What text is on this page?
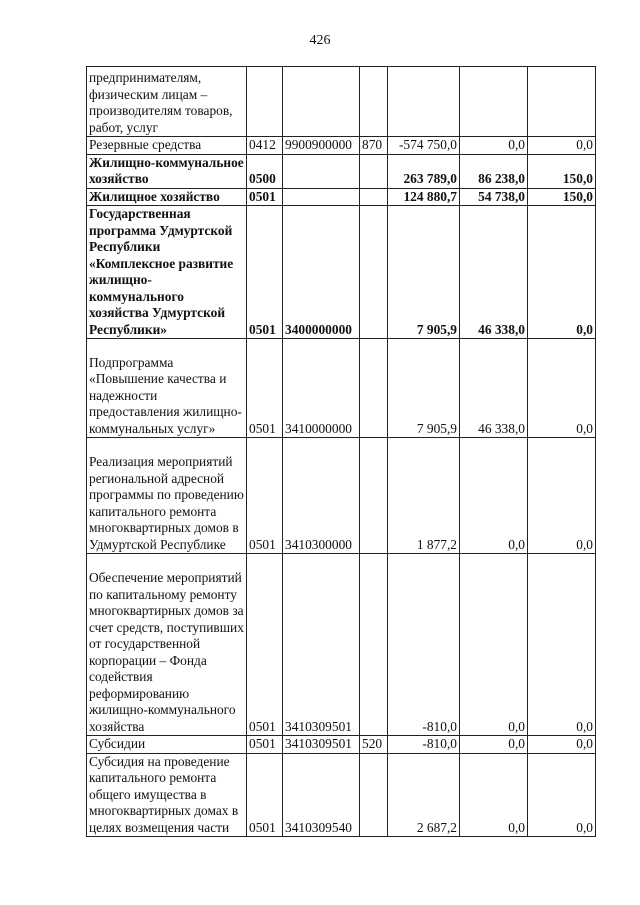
426
предпринимателям, физическим лицам – производителям товаров, работ, услуг						
Резервные средства	0412	9900900000	870	-574 750,0	0,0	0,0
Жилищно-коммунальное хозяйство	0500			263 789,0	86 238,0	150,0
Жилищное хозяйство	0501			124 880,7	54 738,0	150,0
Государственная программа Удмуртской Республики «Комплексное развитие жилищно-коммунального хозяйства Удмуртской Республики»	0501	3400000000		7 905,9	46 338,0	0,0
Подпрограмма «Повышение качества и надежности предоставления жилищно-коммунальных услуг»	0501	3410000000		7 905,9	46 338,0	0,0
Реализация мероприятий региональной адресной программы по проведению капитального ремонта многоквартирных домов в Удмуртской Республике	0501	3410300000		1 877,2	0,0	0,0
Обеспечение мероприятий по капитальному ремонту многоквартирных домов за счет средств, поступивших от государственной корпорации – Фонда содействия реформированию жилищно-коммунального хозяйства	0501	3410309501		-810,0	0,0	0,0
Субсидии	0501	3410309501	520	-810,0	0,0	0,0
Субсидия на проведение капитального ремонта общего имущества в многоквартирных домах в целях возмещения части	0501	3410309540		2 687,2	0,0	0,0
